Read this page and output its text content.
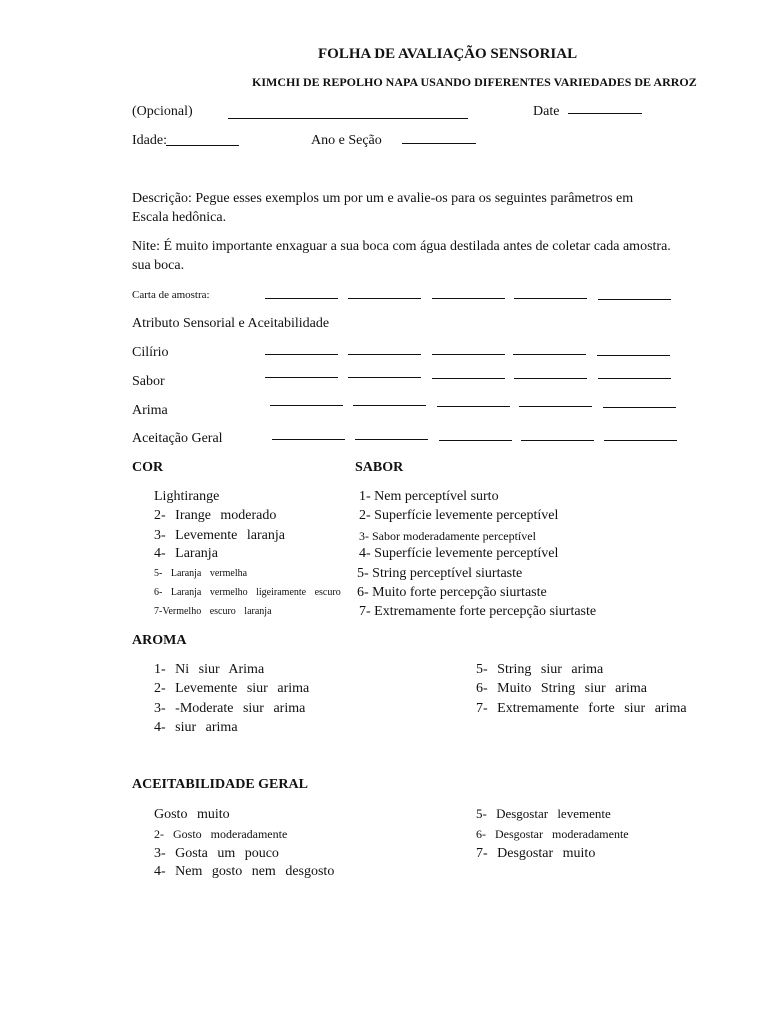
FOLHA DE AVALIAÇÃO SENSORIAL
KIMCHI DE REPOLHO NAPA USANDO DIFERENTES VARIEDADES DE ARROZ
(Opcional)	Date
Idade:	Ano e Seção
Descrição: Pegue esses exemplos um por um e avalie-os para os seguintes parâmetros em
Escala hedônica.
Nite: É muito importante enxaguar a sua boca com água destilada antes de coletar cada amostra.
sua boca.
Carta de amostra:
Atributo Sensorial e Aceitabilidade
Cilírio
Sabor
Arima
Aceitação Geral
COR
Lightirange
2- Irange moderado
3- Levemente laranja
4- Laranja
5- Laranja vermelha
6- Laranja vermelho ligeiramente escuro
7-Vermelho escuro laranja
SABOR
1- Nem perceptível surto
2- Superfície levemente perceptível
3- Sabor moderadamente perceptível
4- Superfície levemente perceptível
5- String perceptível siurtaste
6- Muito forte percepção siurtaste
7- Extremamente forte percepção siurtaste
AROMA
1- Ni siur Arima
2- Levemente siur arima
3- -Moderate siur arima
4- siur arima
5- String siur arima
6- Muito String siur arima
7- Extremamente forte siur arima
ACEITABILIDADE GERAL
Gosto muito
2- Gosto moderadamente
3- Gosta um pouco
4- Nem gosto nem desgosto
5- Desgostar levemente
6- Desgostar moderadamente
7- Desgostar muito
